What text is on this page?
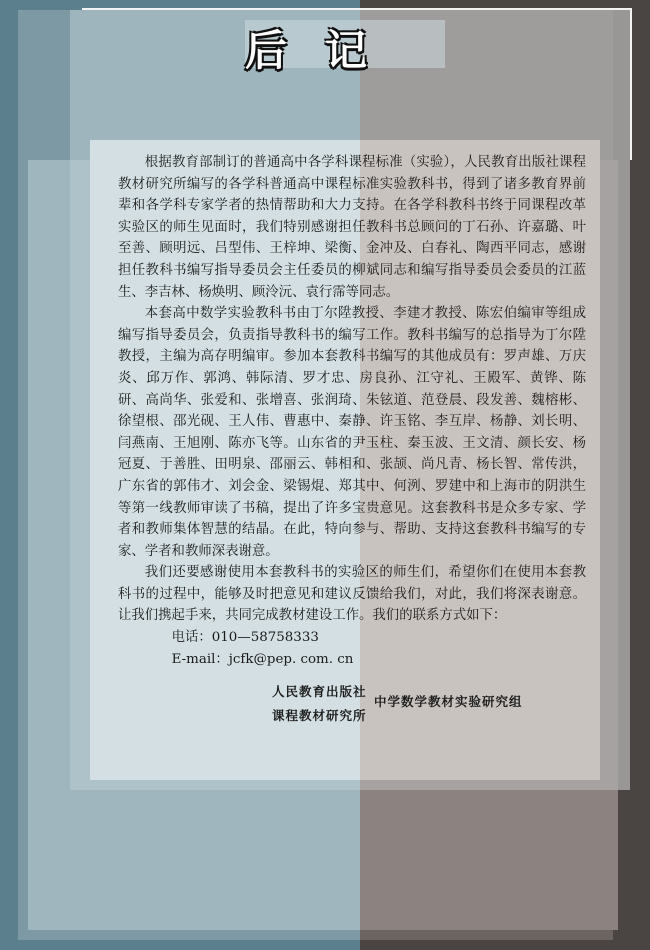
后记

根据教育部制订的普通高中各学科课程标准（实验），人民教育出版社课程教材研究所编写的各学科普通高中课程标准实验教科书，得到了诸多教育界前辈和各学科专家学者的热情帮助和大力支持。在各学科教科书终于同课程改革实验区的师生见面时，我们特别感谢担任教科书总顾问的丁石孙、许嘉璐、叶至善、顾明远、吕型伟、王梓坤、梁衡、金冲及、白春礼、陶西平同志，感谢担任教科书编写指导委员会主任委员的柳斌同志和编写指导委员会委员的江蓝生、李吉林、杨焕明、顾泠沅、袁行霈等同志。

本套高中数学实验教科书由丁尔陞教授、李建才教授、陈宏伯编审等组成编写指导委员会，负责指导教科书的编写工作。教科书编写的总指导为丁尔陞教授，主编为高存明编审。参加本套教科书编写的其他成员有：罗声雄、万庆炎、邱万作、郭鸿、韩际清、罗才忠、房良孙、江守礼、王殿军、黄铧、陈研、高尚华、张爱和、张增喜、张润琦、朱铉道、范登晨、段发善、魏榕彬、徐望根、邵光砚、王人伟、曹惠中、秦静、许玉铭、李互岸、杨静、刘长明、闫燕南、王旭刚、陈亦飞等。山东省的尹玉柱、秦玉波、王文清、颜长安、杨冠夏、于善胜、田明泉、邵丽云、韩相和、张颉、尚凡青、杨长智、常传洪，广东省的郭伟才、刘会金、梁锡焜、郑其中、何洌、罗建中和上海市的阴洪生等第一线教师审读了书稿，提出了许多宝贵意见。这套教科书是众多专家、学者和教师集体智慧的结晶。在此，特向参与、帮助、支持这套教科书编写的专家、学者和教师深表谢意。

我们还要感谢使用本套教科书的实验区的师生们，希望你们在使用本套教科书的过程中，能够及时把意见和建议反馈给我们，对此，我们将深表谢意。让我们携起手来，共同完成教材建设工作。我们的联系方式如下：

电话：010—58758333

E-mail：jcfk@pep. com. cn

人民教育出版社
课程教材研究所
中学数学教材实验研究组
